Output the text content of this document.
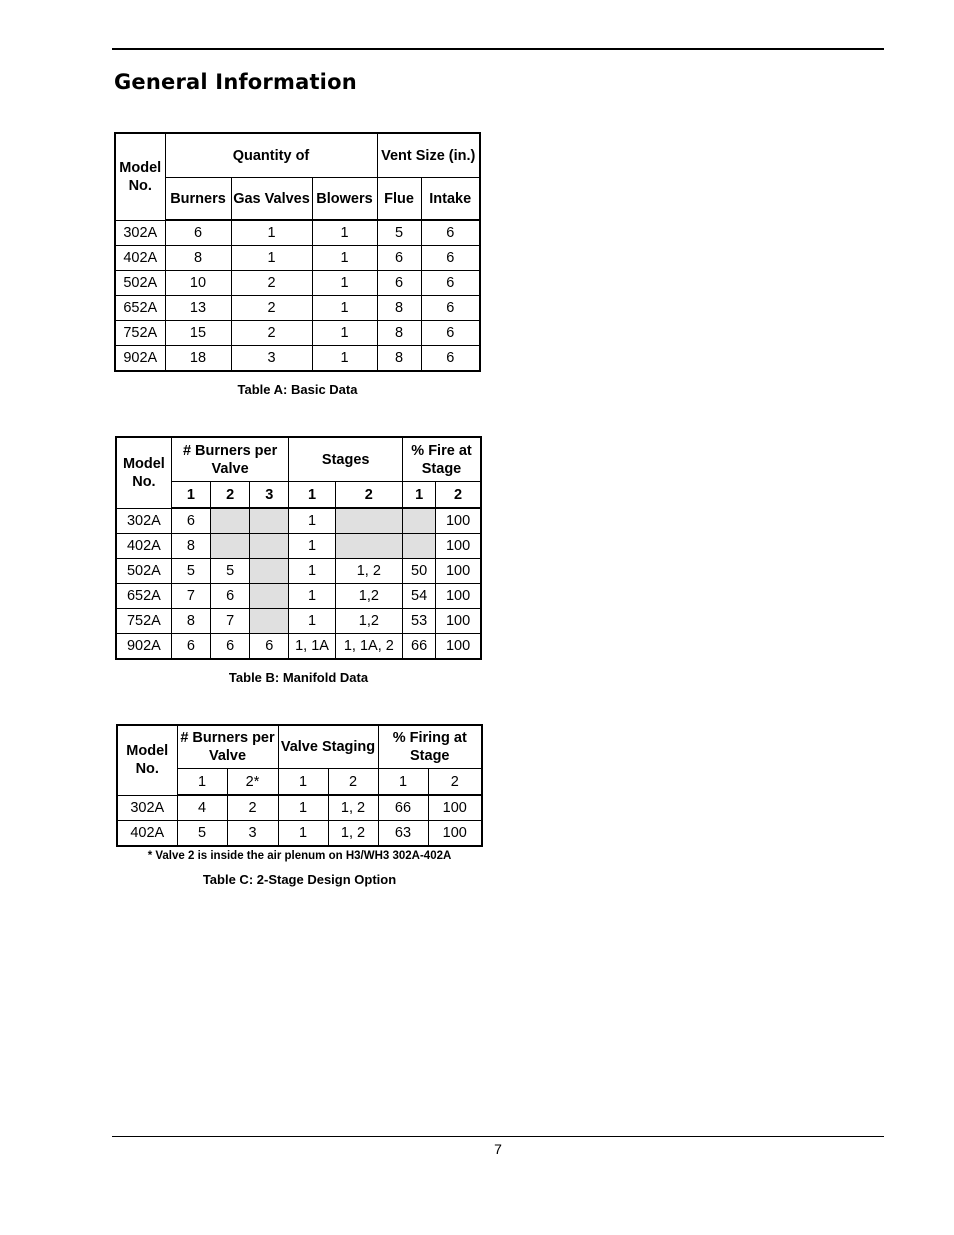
General Information
Model No.	Quantity of			Vent Size (in.)	
	Burners	Gas Valves	Blowers	Flue	Intake
302A	6	1	1	5	6
402A	8	1	1	6	6
502A	10	2	1	6	6
652A	13	2	1	8	6
752A	15	2	1	8	6
902A	18	3	1	8	6
Table A: Basic Data
Model No.	# Burners per Valve			Stages		% Fire at Stage	
	1	2	3	1	2	1	2
302A	6			1			100
402A	8			1			100
502A	5	5		1	1, 2	50	100
652A	7	6		1	1,2	54	100
752A	8	7		1	1,2	53	100
902A	6	6	6	1, 1A	1, 1A, 2	66	100
Table B: Manifold Data
Model No.	# Burners per Valve		Valve Staging		% Firing at Stage	
	1	2*	1	2	1	2
302A	4	2	1	1, 2	66	100
402A	5	3	1	1, 2	63	100
* Valve 2 is inside the air plenum on H3/WH3 302A-402A
Table C: 2-Stage Design Option
7
